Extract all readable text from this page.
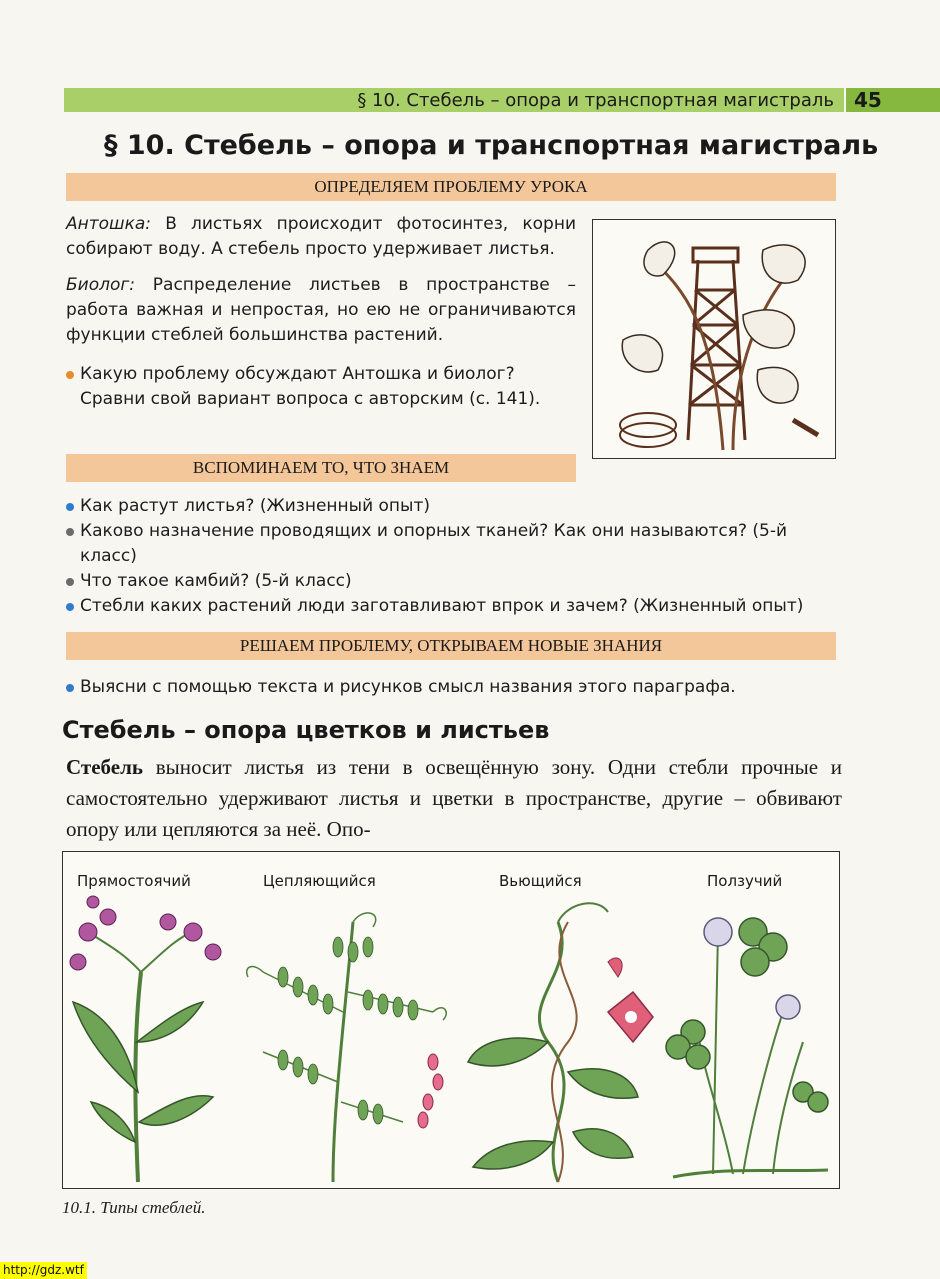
§ 10. Стебель – опора и транспортная магистраль	45
§ 10. Стебель – опора и транспортная магистраль
ОПРЕДЕЛЯЕМ ПРОБЛЕМУ УРОКА
Антошка: В листьях происходит фотосинтез, корни собирают воду. А стебель просто удерживает листья.
Биолог: Распределение листьев в пространстве – работа важная и непростая, но ею не ограничиваются функции стеблей большинства растений.
Какую проблему обсуждают Антошка и биолог? Сравни свой вариант вопроса с авторским (с. 141).
ВСПОМИНАЕМ ТО, ЧТО ЗНАЕМ
Как растут листья? (Жизненный опыт)
Каково назначение проводящих и опорных тканей? Как они называются? (5-й класс)
Что такое камбий? (5-й класс)
Стебли каких растений люди заготавливают впрок и зачем? (Жизненный опыт)
РЕШАЕМ ПРОБЛЕМУ, ОТКРЫВАЕМ НОВЫЕ ЗНАНИЯ
Выясни с помощью текста и рисунков смысл названия этого параграфа.
Стебель – опора цветков и листьев
Стебель выносит листья из тени в освещённую зону. Одни стебли прочные и самостоятельно удерживают листья и цветки в пространстве, другие – обвивают опору или цепляются за неё. Опо-
Прямостоячий	Цепляющийся	Вьющийся	Ползучий
10.1. Типы стеблей.
http://gdz.wtf
